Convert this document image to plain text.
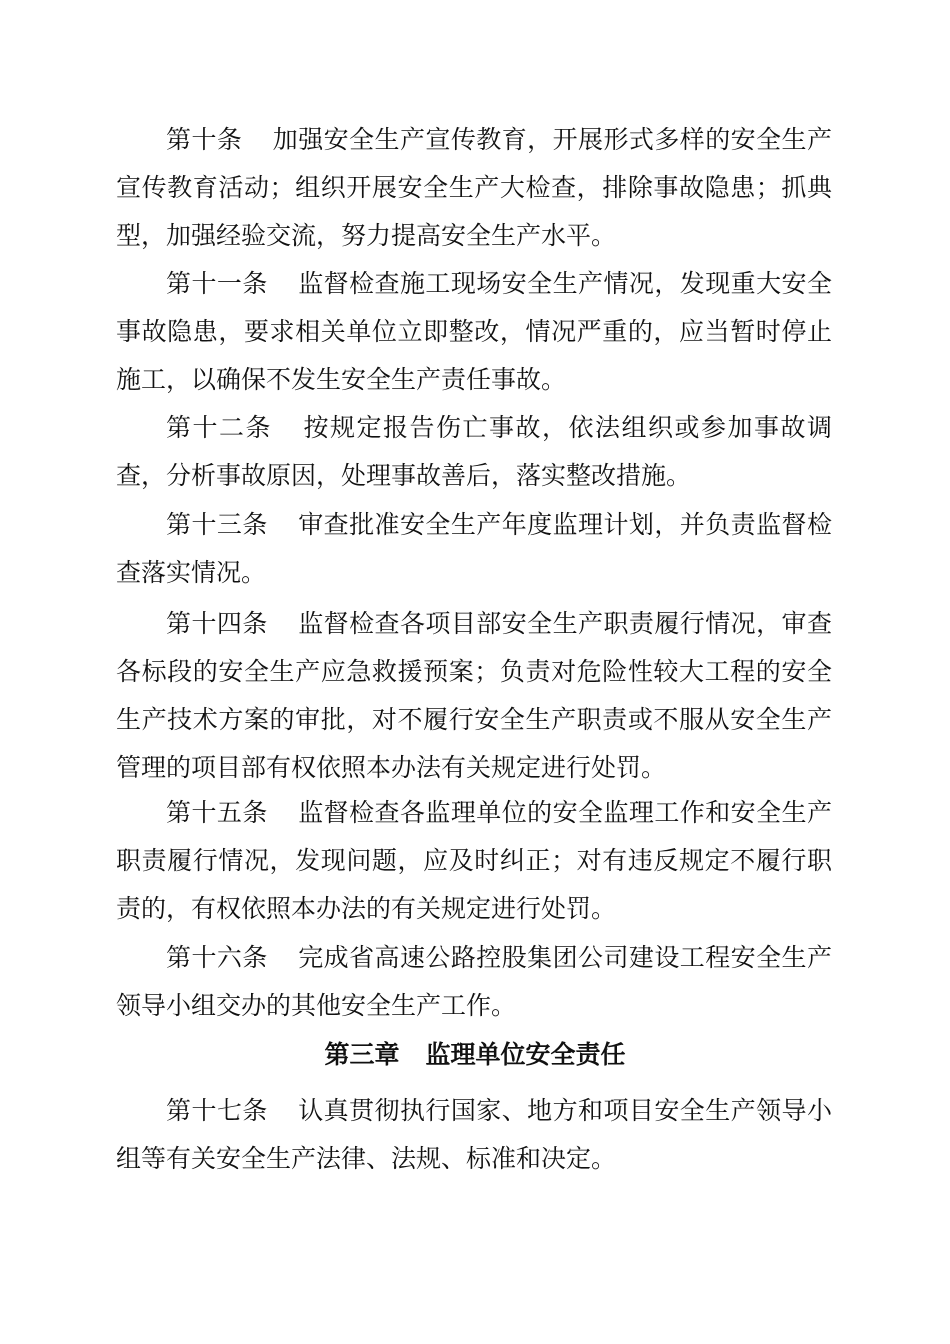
第十条 加强安全生产宣传教育，开展形式多样的安全生产宣传教育活动；组织开展安全生产大检查，排除事故隐患；抓典型，加强经验交流，努力提高安全生产水平。

第十一条 监督检查施工现场安全生产情况，发现重大安全事故隐患，要求相关单位立即整改，情况严重的，应当暂时停止施工，以确保不发生安全生产责任事故。

第十二条 按规定报告伤亡事故，依法组织或参加事故调查，分析事故原因，处理事故善后，落实整改措施。

第十三条 审查批准安全生产年度监理计划，并负责监督检查落实情况。

第十四条 监督检查各项目部安全生产职责履行情况，审查各标段的安全生产应急救援预案；负责对危险性较大工程的安全生产技术方案的审批，对不履行安全生产职责或不服从安全生产管理的项目部有权依照本办法有关规定进行处罚。

第十五条 监督检查各监理单位的安全监理工作和安全生产职责履行情况，发现问题，应及时纠正；对有违反规定不履行职责的，有权依照本办法的有关规定进行处罚。

第十六条 完成省高速公路控股集团公司建设工程安全生产领导小组交办的其他安全生产工作。

第三章 监理单位安全责任

第十七条 认真贯彻执行国家、地方和项目安全生产领导小组等有关安全生产法律、法规、标准和决定。
